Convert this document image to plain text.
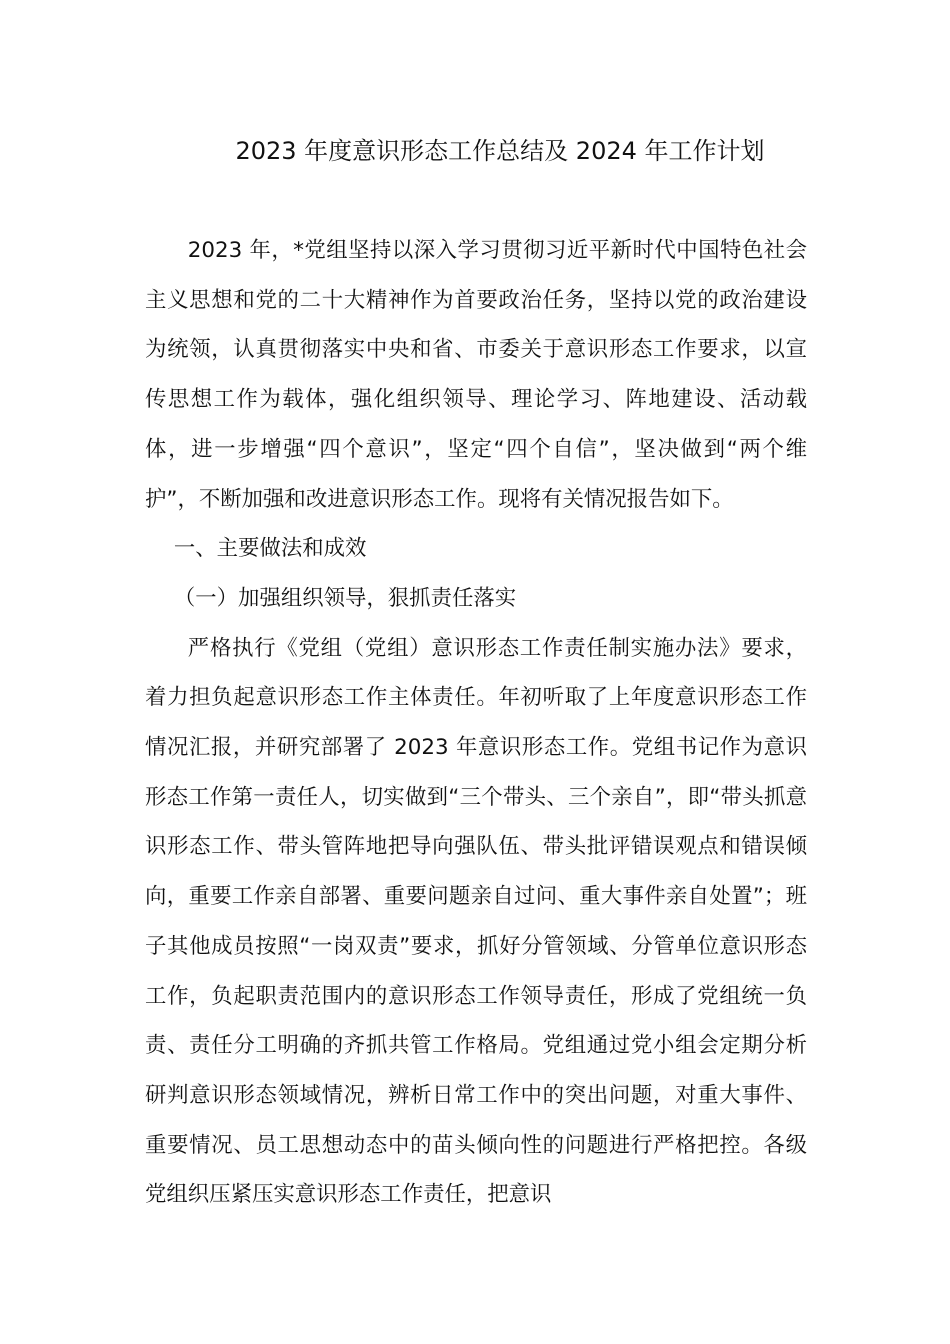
2023 年度意识形态工作总结及 2024 年工作计划

2023 年，*党组坚持以深入学习贯彻习近平新时代中国特色社会主义思想和党的二十大精神作为首要政治任务，坚持以党的政治建设为统领，认真贯彻落实中央和省、市委关于意识形态工作要求，以宣传思想工作为载体，强化组织领导、理论学习、阵地建设、活动载体，进一步增强“四个意识”，坚定“四个自信”，坚决做到“两个维护”，不断加强和改进意识形态工作。现将有关情况报告如下。

一、主要做法和成效

（一）加强组织领导，狠抓责任落实

严格执行《党组（党组）意识形态工作责任制实施办法》要求，着力担负起意识形态工作主体责任。年初听取了上年度意识形态工作情况汇报，并研究部署了 2023 年意识形态工作。党组书记作为意识形态工作第一责任人，切实做到“三个带头、三个亲自”，即“带头抓意识形态工作、带头管阵地把导向强队伍、带头批评错误观点和错误倾向，重要工作亲自部署、重要问题亲自过问、重大事件亲自处置”；班子其他成员按照“一岗双责”要求，抓好分管领域、分管单位意识形态工作，负起职责范围内的意识形态工作领导责任，形成了党组统一负责、责任分工明确的齐抓共管工作格局。党组通过党小组会定期分析研判意识形态领域情况，辨析日常工作中的突出问题，对重大事件、重要情况、员工思想动态中的苗头倾向性的问题进行严格把控。各级党组织压紧压实意识形态工作责任，把意识
